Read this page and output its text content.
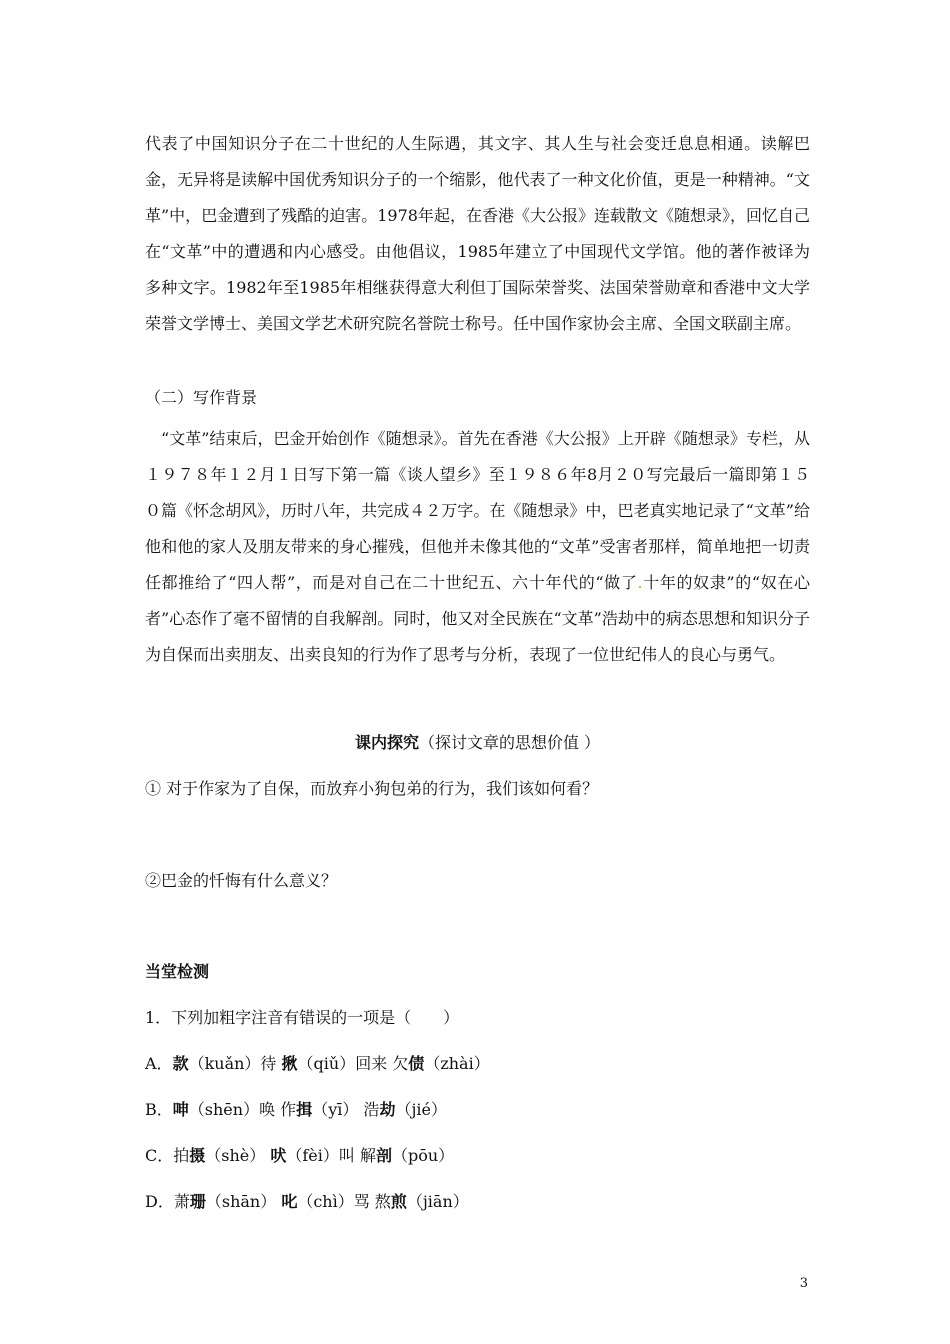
代表了中国知识分子在二十世纪的人生际遇，其文字、其人生与社会变迁息息相通。读解巴金，无异将是读解中国优秀知识分子的一个缩影，他代表了一种文化价值，更是一种精神。“文革”中，巴金遭到了残酷的迫害。1978年起，在香港《大公报》连载散文《随想录》，回忆自己在“文革”中的遭遇和内心感受。由他倡议，1985年建立了中国现代文学馆。他的著作被译为多种文字。1982年至1985年相继获得意大利但丁国际荣誉奖、法国荣誉勋章和香港中文大学荣誉文学博士、美国文学艺术研究院名誉院士称号。任中国作家协会主席、全国文联副主席。

（二）写作背景

“文革”结束后，巴金开始创作《随想录》。首先在香港《大公报》上开辟《随想录》专栏，从１９７８年１２月１日写下第一篇《谈人望乡》至１９８６年8月２０写完最后一篇即第１５０篇《怀念胡风》，历时八年，共完成４２万字。在《随想录》中，巴老真实地记录了“文革”给他和他的家人及朋友带来的身心摧残，但他并未像其他的“文革”受害者那样，简单地把一切责任都推给了“四人帮”，而是对自己在二十世纪五、六十年代的“做了.十年的奴隶”的“奴在心者”心态作了毫不留情的自我解剖。同时，他又对全民族在“文革”浩劫中的病态思想和知识分子为自保而出卖朋友、出卖良知的行为作了思考与分析，表现了一位世纪伟人的良心与勇气。

课内探究（探讨文章的思想价值 ）
① 对于作家为了自保，而放弃小狗包弟的行为，我们该如何看？
②巴金的忏悔有什么意义？
当堂检测
1．下列加粗字注音有错误的一项是（　　）
A．款（kuǎn）待 揪（qiǔ）回来 欠债（zhài）
B．呻（shēn）唤 作揖（yī） 浩劫（jié）
C．拍摄（shè） 吠（fèi）叫 解剖（pōu）
D．萧珊（shān） 叱（chì）骂 熬煎（jiān）
3
